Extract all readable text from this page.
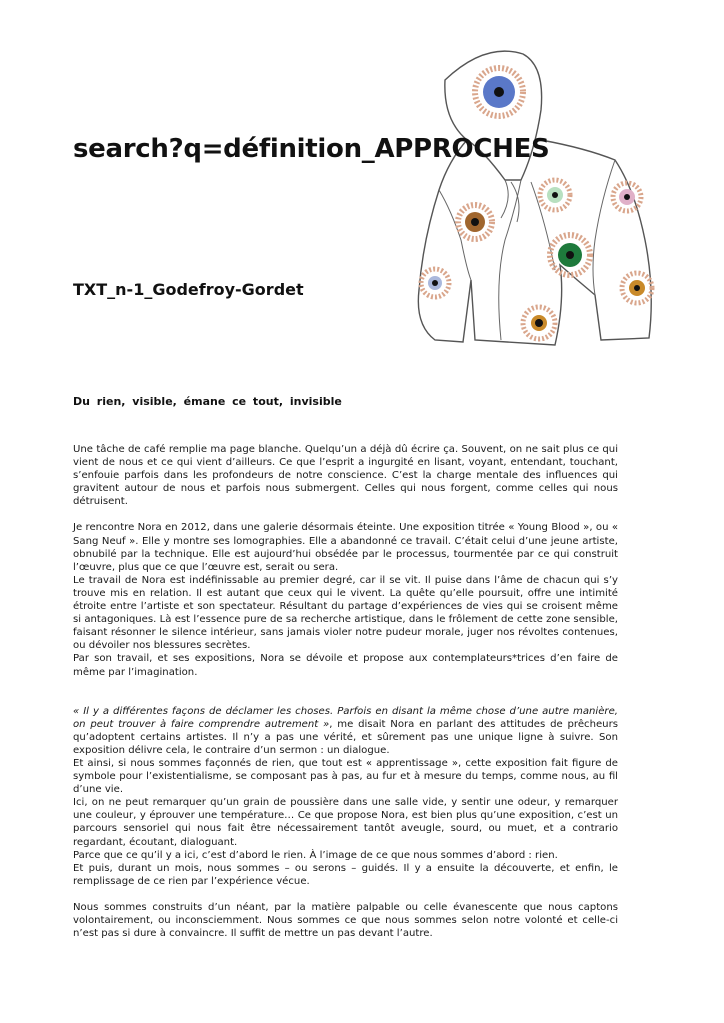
search?q=définition_APPROCHES
TXT_n-1_Godefroy-Gordet
Du rien, visible, émane ce tout, invisible

Une tâche de café remplie ma page blanche. Quelqu’un a déjà dû écrire ça. Souvent, on ne sait plus ce qui vient de nous et ce qui vient d’ailleurs. Ce que l’esprit a ingurgité en lisant, voyant, entendant, touchant, s’enfouie parfois dans les profondeurs de notre conscience. C’est la charge mentale des influences qui gravitent autour de nous et parfois nous submergent. Celles qui nous forgent, comme celles qui nous détruisent.

Je rencontre Nora en 2012, dans une galerie désormais éteinte. Une exposition titrée « Young Blood », ou « Sang Neuf ». Elle y montre ses lomographies. Elle a abandonné ce travail. C’était celui d’une jeune artiste, obnubilé par la technique. Elle est aujourd’hui obsédée par le processus, tourmentée par ce qui construit l’œuvre, plus que ce que l’œuvre est, serait ou sera.

Le travail de Nora est indéfinissable au premier degré, car il se vit. Il puise dans l’âme de chacun qui s’y trouve mis en relation. Il est autant que ceux qui le vivent. La quête qu’elle poursuit, offre une intimité étroite entre l’artiste et son spectateur. Résultant du partage d’expériences de vies qui se croisent même si antagoniques. Là est l’essence pure de sa recherche artistique, dans le frôlement de cette zone sensible, faisant résonner le silence intérieur, sans jamais violer notre pudeur morale, juger nos révoltes contenues, ou dévoiler nos blessures secrètes.

Par son travail, et ses expositions, Nora se dévoile et propose aux contemplateurs*trices d’en faire de même par l’imagination.

« Il y a différentes façons de déclamer les choses. Parfois en disant la même chose d’une autre manière, on peut trouver à faire comprendre autrement », me disait Nora en parlant des attitudes de prêcheurs qu’adoptent certains artistes. Il n’y a pas une vérité, et sûrement pas une unique ligne à suivre. Son exposition délivre cela, le contraire d’un sermon : un dialogue.

Et ainsi, si nous sommes façonnés de rien, que tout est « apprentissage », cette exposition fait figure de symbole pour l’existentialisme, se composant pas à pas, au fur et à mesure du temps, comme nous, au fil d’une vie.

Ici, on ne peut remarquer qu’un grain de poussière dans une salle vide, y sentir une odeur, y remarquer une couleur, y éprouver une température… Ce que propose Nora, est bien plus qu’une exposition, c’est un parcours sensoriel qui nous fait être nécessairement tantôt aveugle, sourd, ou muet, et a contrario regardant, écoutant, dialoguant.

Parce que ce qu’il y a ici, c’est d’abord le rien. À l’image de ce que nous sommes d’abord : rien.

Et puis, durant un mois, nous sommes – ou serons – guidés. Il y a ensuite la découverte, et enfin, le remplissage de ce rien par l’expérience vécue.

Nous sommes construits d’un néant, par la matière palpable ou celle évanescente que nous captons volontairement, ou inconsciemment. Nous sommes ce que nous sommes selon notre volonté et celle-ci n’est pas si dure à convaincre. Il suffit de mettre un pas devant l’autre.
